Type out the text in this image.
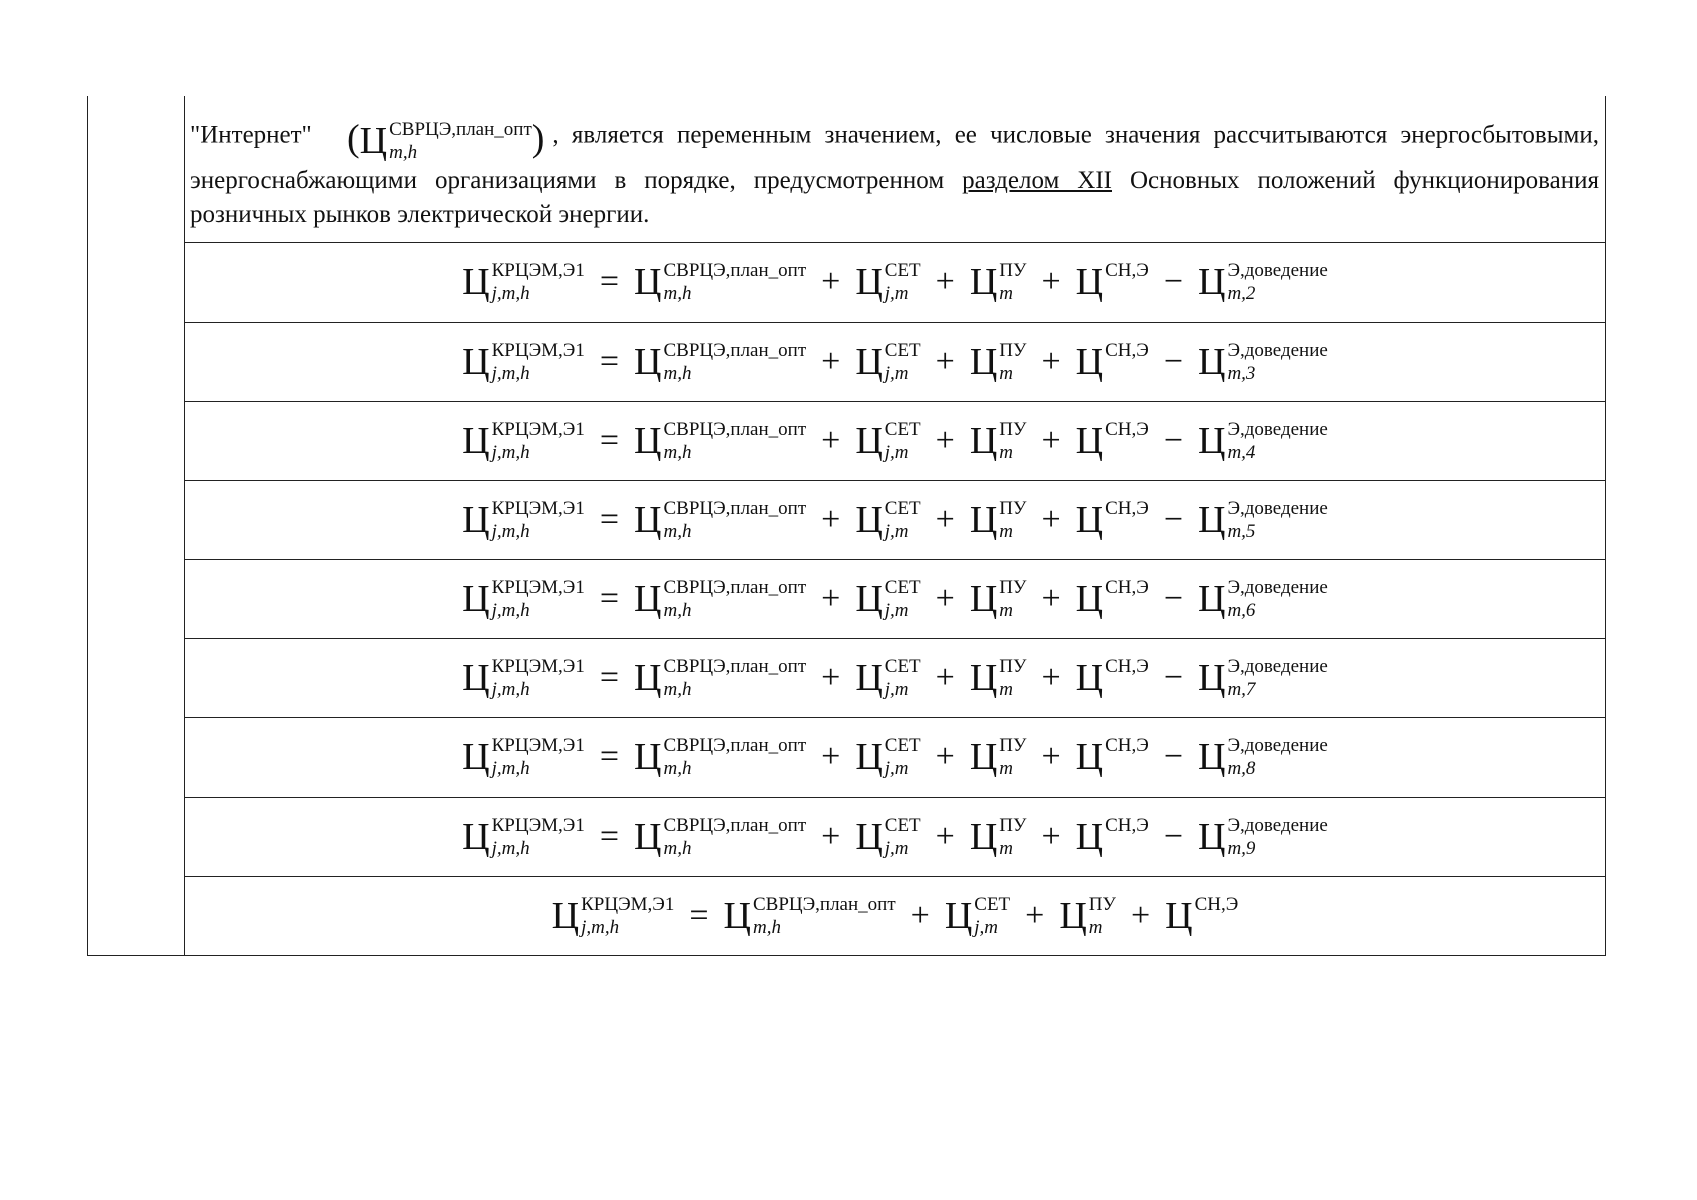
"Интернет" (Ц СВРЦЭ,план_опт
m,h	) , является переменным значением, ее числовые значения рассчитываются энергосбытовыми, энергоснабжающими организациями в порядке, предусмотренном разделом XII Основных положений функционирования розничных рынков электрической энергии.

Ц КРЦЭМ,Э1
j,m,h	= Ц СВРЦЭ,план_опт
m,h	+ Ц СЕТ
j,m + Ц ПУ
m + Ц СН,Э
− Ц Э,доведение
m,2

Ц КРЦЭМ,Э1
j,m,h	= Ц СВРЦЭ,план_опт
m,h	+ Ц СЕТ
j,m + Ц ПУ
m + Ц СН,Э
− Ц Э,доведение
m,3

Ц КРЦЭМ,Э1
j,m,h	= Ц СВРЦЭ,план_опт
m,h	+ Ц СЕТ
j,m + Ц ПУ
m + Ц СН,Э
− Ц Э,доведение
m,4

Ц КРЦЭМ,Э1
j,m,h	= Ц СВРЦЭ,план_опт
m,h	+ Ц СЕТ
j,m + Ц ПУ
m + Ц СН,Э
− Ц Э,доведение
m,5

Ц КРЦЭМ,Э1
j,m,h	= Ц СВРЦЭ,план_опт
m,h	+ Ц СЕТ
j,m + Ц ПУ
m + Ц СН,Э
− Ц Э,доведение
m,6

Ц КРЦЭМ,Э1
j,m,h	= Ц СВРЦЭ,план_опт
m,h	+ Ц СЕТ
j,m + Ц ПУ
m + Ц СН,Э
− Ц Э,доведение
m,7

Ц КРЦЭМ,Э1
j,m,h	= Ц СВРЦЭ,план_опт
m,h	+ Ц СЕТ
j,m + Ц ПУ
m + Ц СН,Э
− Ц Э,доведение
m,8

Ц КРЦЭМ,Э1
j,m,h	= Ц СВРЦЭ,план_опт
m,h	+ Ц СЕТ
j,m + Ц ПУ
m + Ц СН,Э
− Ц Э,доведение
m,9

Ц КРЦЭМ,Э1
j,m,h	= Ц СВРЦЭ,план_опт
m,h	+ Ц СЕТ
j,m + Ц ПУ
m + Ц СН,Э
